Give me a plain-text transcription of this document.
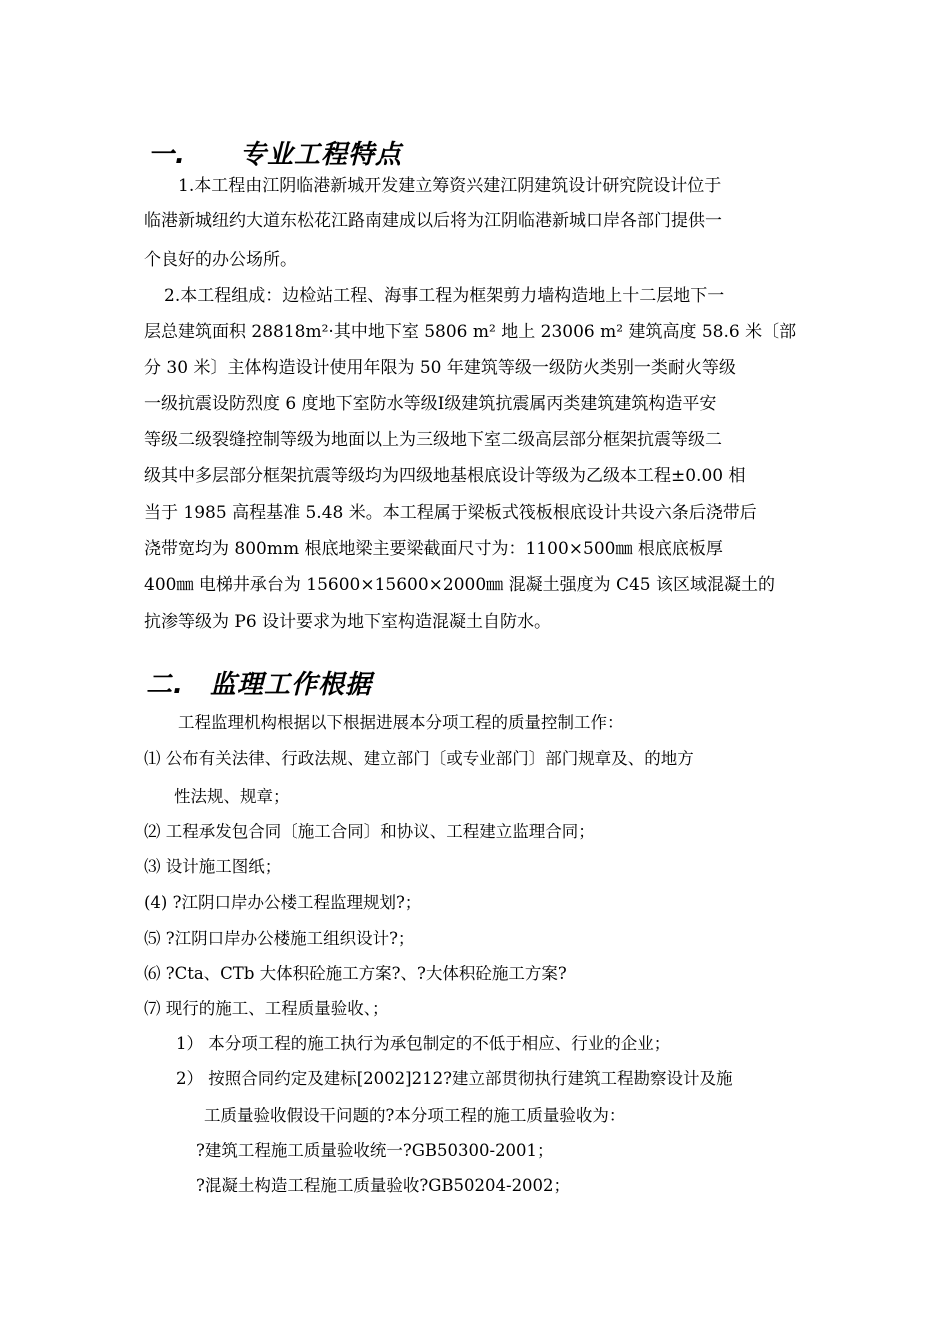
一. 专业工程特点
1.本工程由江阴临港新城开发建立筹资兴建江阴建筑设计研究院设计位于
临港新城纽约大道东松花江路南建成以后将为江阴临港新城口岸各部门提供一
个良好的办公场所。
2.本工程组成：边检站工程、海事工程为框架剪力墙构造地上十二层地下一
层总建筑面积 28818m²·其中地下室 5806 m² 地上 23006 m² 建筑高度 58.6 米〔部
分 30 米〕主体构造设计使用年限为 50 年建筑等级一级防火类别一类耐火等级
一级抗震设防烈度 6 度地下室防水等级Ⅰ级建筑抗震属丙类建筑建筑构造平安
等级二级裂缝控制等级为地面以上为三级地下室二级高层部分框架抗震等级二
级其中多层部分框架抗震等级均为四级地基根底设计等级为乙级本工程±0.00 相
当于 1985 高程基准 5.48 米。本工程属于梁板式筏板根底设计共设六条后浇带后
浇带宽均为 800mm 根底地梁主要梁截面尺寸为：1100×500㎜ 根底底板厚
400㎜ 电梯井承台为 15600×15600×2000㎜ 混凝土强度为 C45 该区域混凝土的
抗渗等级为 P6 设计要求为地下室构造混凝土自防水。
二. 监理工作根据
工程监理机构根据以下根据进展本分项工程的质量控制工作：
⑴ 公布有关法律、行政法规、建立部门〔或专业部门〕部门规章及、的地方
性法规、规章；
⑵ 工程承发包合同〔施工合同〕和协议、工程建立监理合同；
⑶ 设计施工图纸；
(4) ?江阴口岸办公楼工程监理规划?；
⑸ ?江阴口岸办公楼施工组织设计?；
⑹ ?Cta、CTb 大体积砼施工方案?、?大体积砼施工方案?
⑺ 现行的施工、工程质量验收、；
1） 本分项工程的施工执行为承包制定的不低于相应、行业的企业；
2） 按照合同约定及建标[2002]212?建立部贯彻执行建筑工程勘察设计及施
工质量验收假设干问题的?本分项工程的施工质量验收为：
?建筑工程施工质量验收统一?GB50300-2001；
?混凝土构造工程施工质量验收?GB50204-2002；
